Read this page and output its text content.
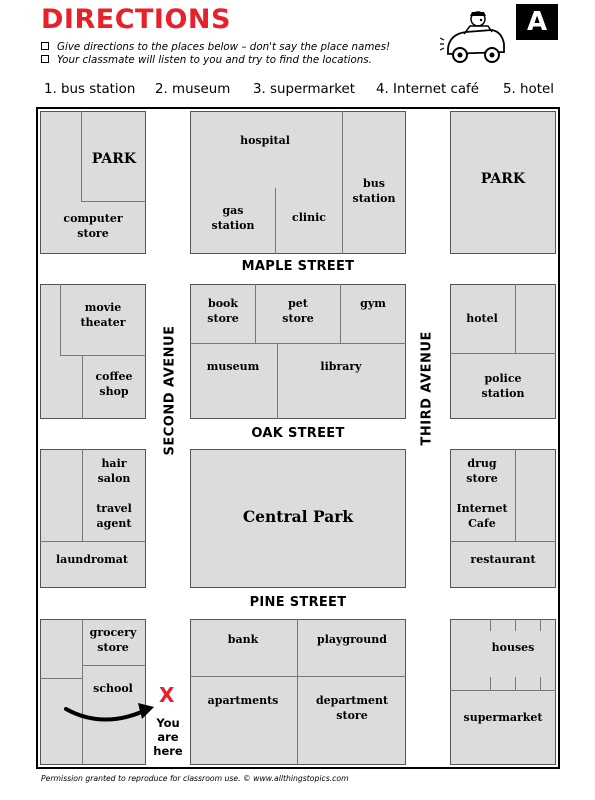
DIRECTIONS	A
Give directions to the places below – don't say the place names!
Your classmate will listen to you and try to find the locations.
1. bus station 2. museum 3. supermarket 4. Internet café 5. hotel
PARK
computer
store
hospital
gas
station
clinic
bus
station
PARK
movie
theater
coffee
shop
book
store
pet
store
gym
museum	library
hotel
police
station
hair
salon
travel
agent
laundromat
Central Park
drug
store
Internet
Cafe
restaurant
grocery
store
school
bank	playground
apartments	department
store
houses
supermarket
MAPLE STREET
OAK STREET
PINE STREET
SECOND AVENUE	THIRD AVENUE
X
You
are
here
Permission granted to reproduce for classroom use. © www.allthingstopics.com
